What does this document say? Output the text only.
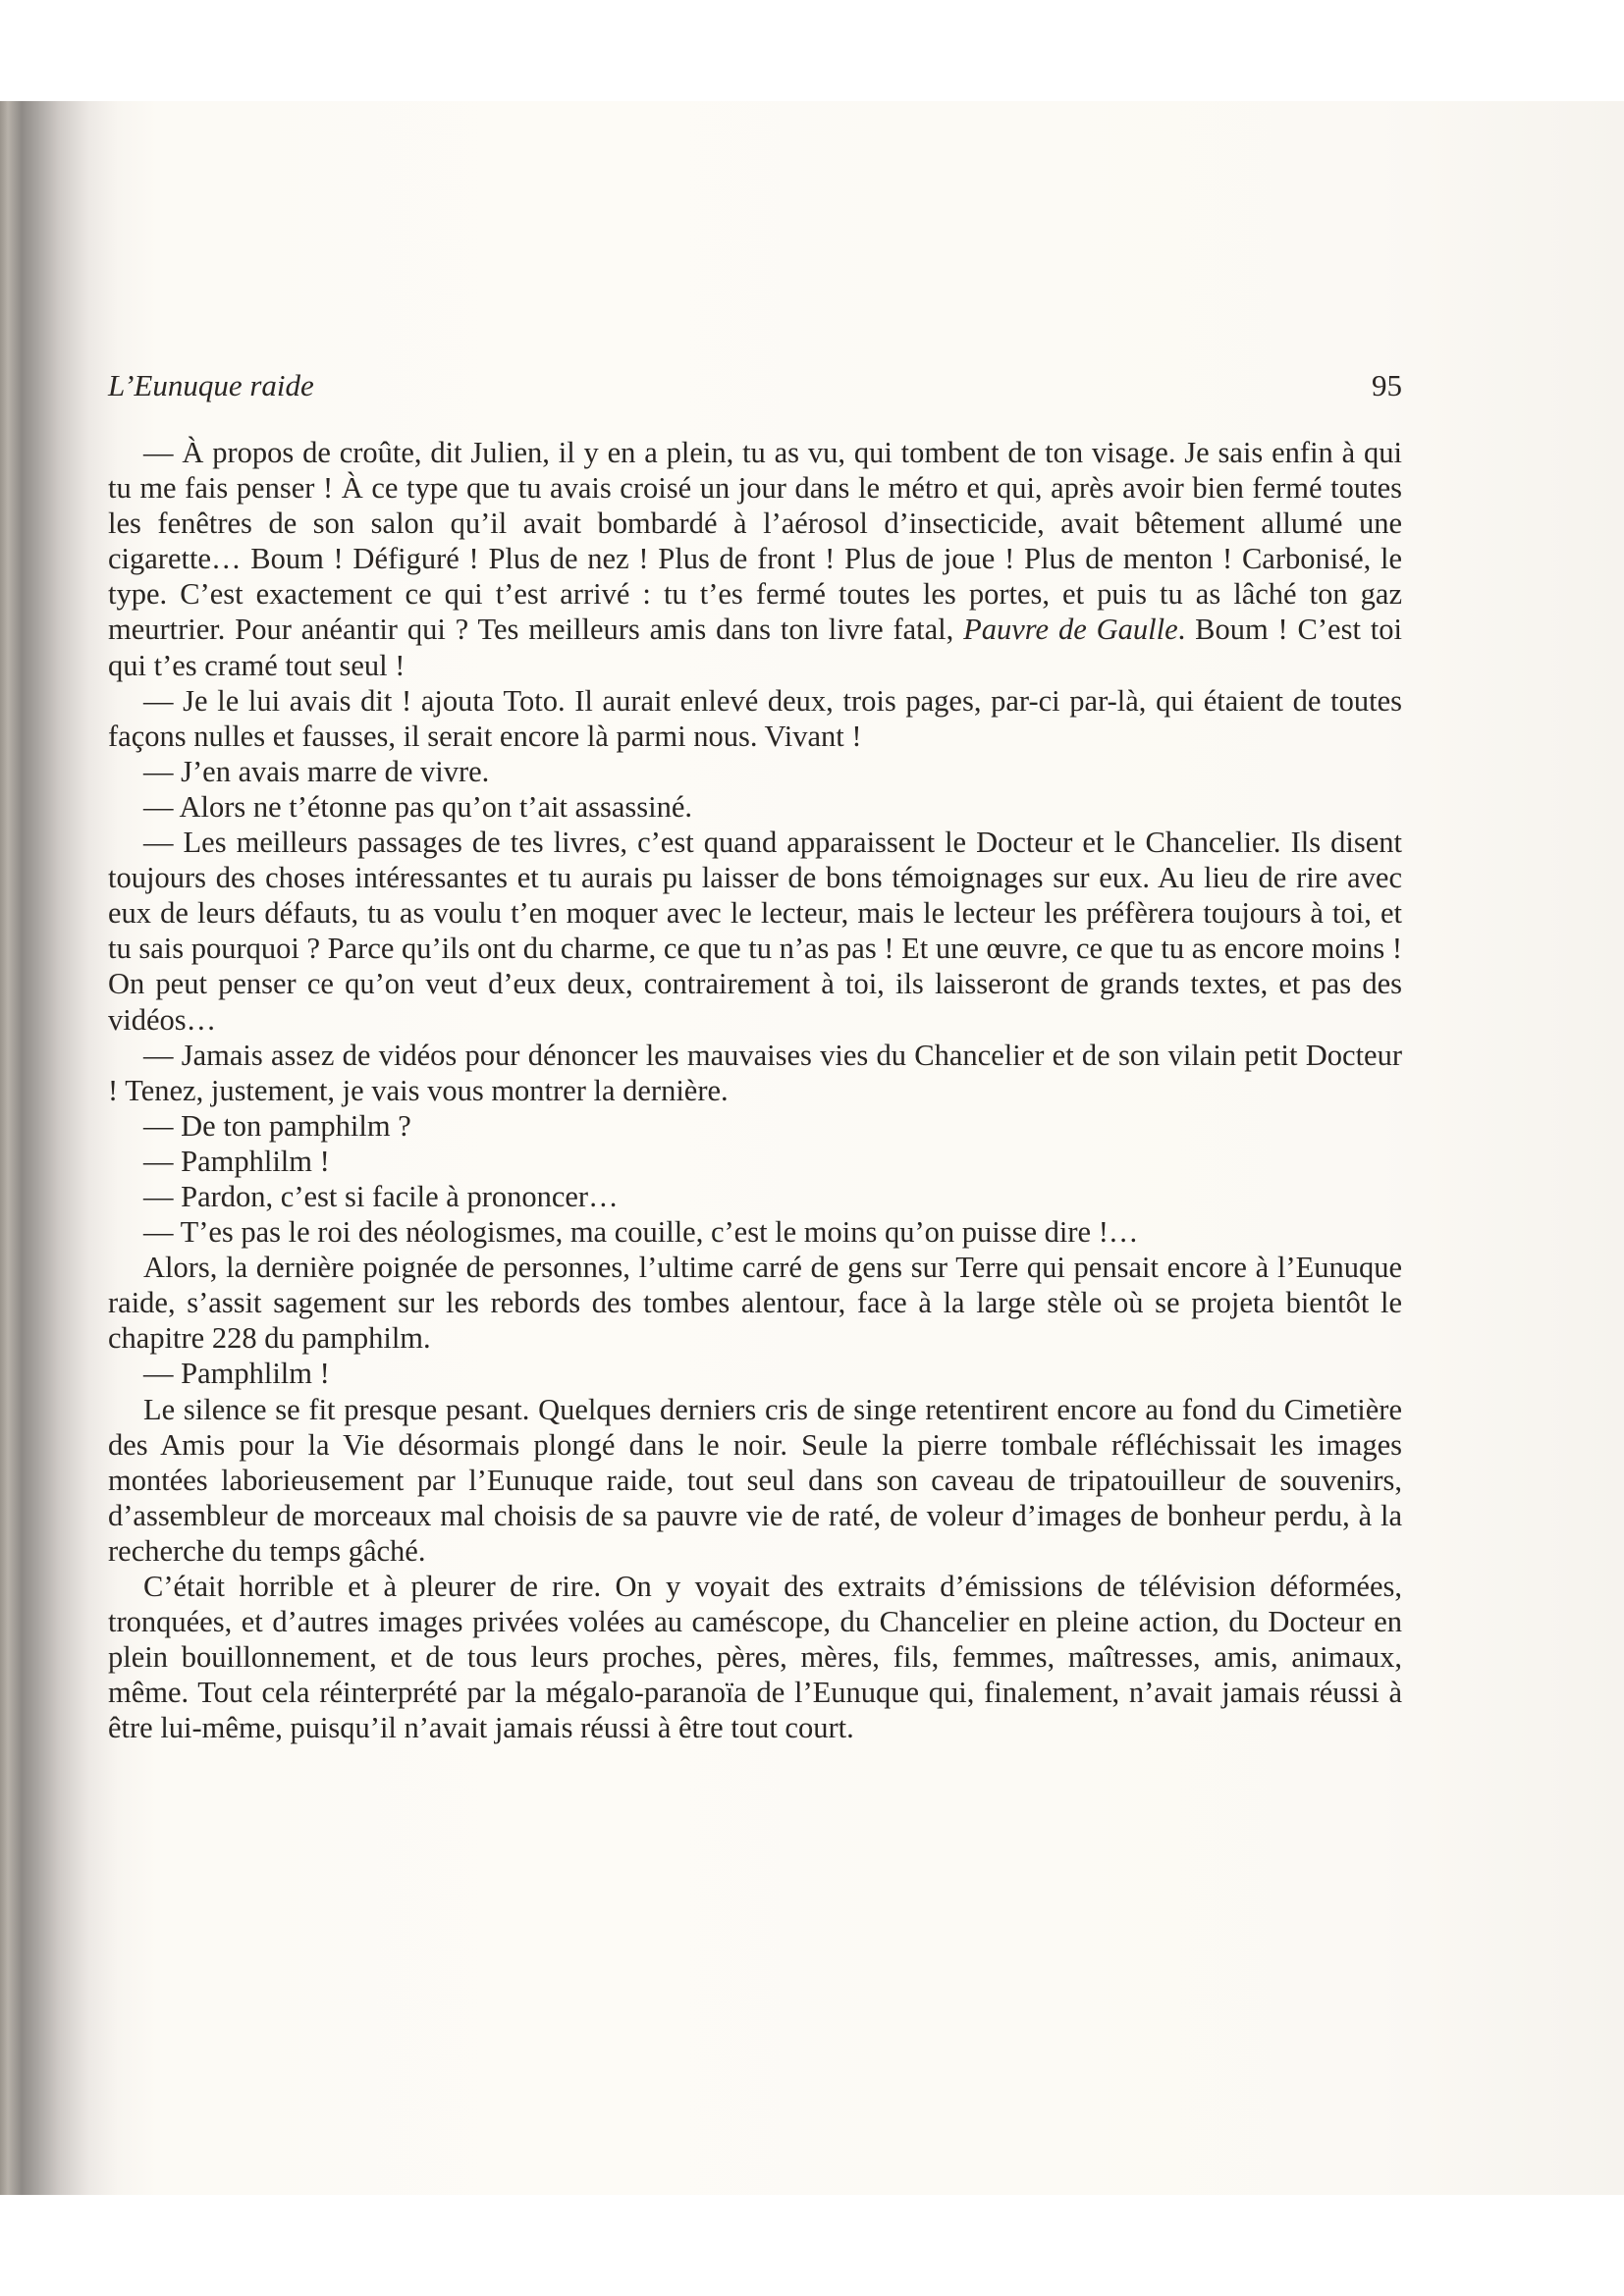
L’Eunuque raide	95

— À propos de croûte, dit Julien, il y en a plein, tu as vu, qui tombent de ton visage. Je sais enfin à qui tu me fais penser ! À ce type que tu avais croisé un jour dans le métro et qui, après avoir bien fermé toutes les fenêtres de son salon qu’il avait bombardé à l’aérosol d’insecticide, avait bêtement allumé une cigarette… Boum ! Défiguré ! Plus de nez ! Plus de front ! Plus de joue ! Plus de menton ! Carbonisé, le type. C’est exactement ce qui t’est arrivé : tu t’es fermé toutes les portes, et puis tu as lâché ton gaz meurtrier. Pour anéantir qui ? Tes meilleurs amis dans ton livre fatal, Pauvre de Gaulle. Boum ! C’est toi qui t’es cramé tout seul !

— Je le lui avais dit ! ajouta Toto. Il aurait enlevé deux, trois pages, par-ci par-là, qui étaient de toutes façons nulles et fausses, il serait encore là parmi nous. Vivant !

— J’en avais marre de vivre.

— Alors ne t’étonne pas qu’on t’ait assassiné.

— Les meilleurs passages de tes livres, c’est quand apparaissent le Docteur et le Chancelier. Ils disent toujours des choses intéressantes et tu aurais pu laisser de bons témoignages sur eux. Au lieu de rire avec eux de leurs défauts, tu as voulu t’en moquer avec le lecteur, mais le lecteur les préfèrera toujours à toi, et tu sais pourquoi ? Parce qu’ils ont du charme, ce que tu n’as pas ! Et une œuvre, ce que tu as encore moins ! On peut penser ce qu’on veut d’eux deux, contrairement à toi, ils laisseront de grands textes, et pas des vidéos…

— Jamais assez de vidéos pour dénoncer les mauvaises vies du Chancelier et de son vilain petit Docteur ! Tenez, justement, je vais vous montrer la dernière.

— De ton pamphilm ?

— Pamphlilm !

— Pardon, c’est si facile à prononcer…

— T’es pas le roi des néologismes, ma couille, c’est le moins qu’on puisse dire !…

Alors, la dernière poignée de personnes, l’ultime carré de gens sur Terre qui pensait encore à l’Eunuque raide, s’assit sagement sur les rebords des tombes alentour, face à la large stèle où se projeta bientôt le chapitre 228 du pamphilm.

— Pamphlilm !

Le silence se fit presque pesant. Quelques derniers cris de singe retentirent encore au fond du Cimetière des Amis pour la Vie désormais plongé dans le noir. Seule la pierre tombale réfléchissait les images montées laborieusement par l’Eunuque raide, tout seul dans son caveau de tripatouilleur de souvenirs, d’assembleur de morceaux mal choisis de sa pauvre vie de raté, de voleur d’images de bonheur perdu, à la recherche du temps gâché.

C’était horrible et à pleurer de rire. On y voyait des extraits d’émissions de télévision déformées, tronquées, et d’autres images privées volées au caméscope, du Chancelier en pleine action, du Docteur en plein bouillonnement, et de tous leurs proches, pères, mères, fils, femmes, maîtresses, amis, animaux, même. Tout cela réinterprété par la mégalo-paranoïa de l’Eunuque qui, finalement, n’avait jamais réussi à être lui-même, puisqu’il n’avait jamais réussi à être tout court.
